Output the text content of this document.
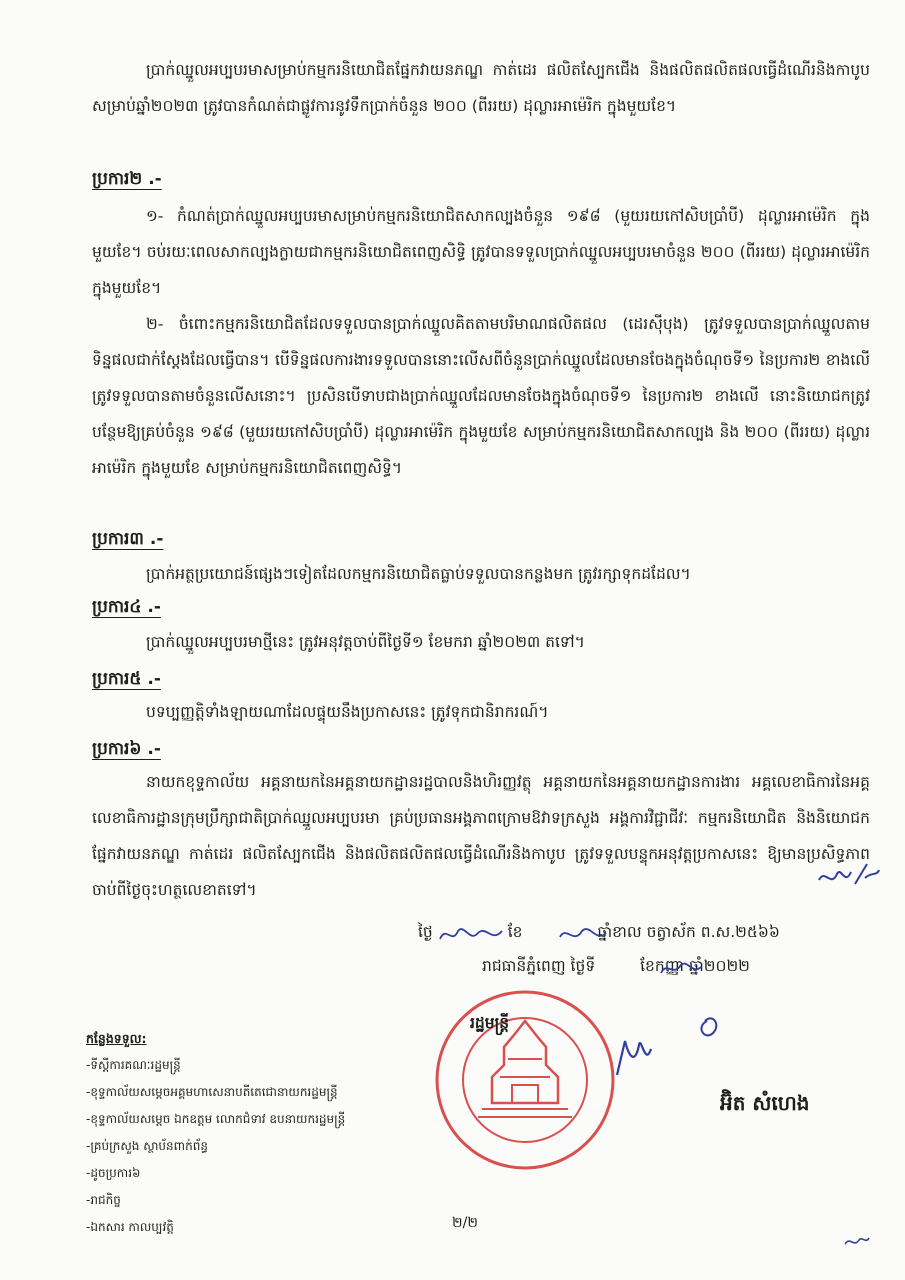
ប្រាក់ឈ្នួលអប្បបរមាសម្រាប់កម្មករនិយោជិតផ្នែកវាយនភណ្ឌ កាត់ដេរ ផលិតស្បែកជើង និងផលិតផលិតផលធ្វើដំណើរនិងកាបូប សម្រាប់ឆ្នាំ២០២៣ ត្រូវបានកំណត់ជាផ្លូវការនូវទឹកប្រាក់ចំនួន ២០០ (ពីររយ) ដុល្លារអាម៉េរិក ក្នុងមួយខែ។

ប្រការ២ .-

១- កំណត់ប្រាក់ឈ្នួលអប្បបរមាសម្រាប់កម្មករនិយោជិតសាកល្បងចំនួន ១៩៨ (មួយរយកៅសិបប្រាំបី) ដុល្លារអាម៉េរិក ក្នុងមួយខែ។ ចប់រយៈពេលសាកល្បងក្លាយជាកម្មករនិយោជិតពេញសិទ្ធិ ត្រូវបានទទួលប្រាក់ឈ្នួលអប្បបរមាចំនួន ២០០ (ពីររយ) ដុល្លារអាម៉េរិក ក្នុងមួយខែ។

២- ចំពោះកម្មករនិយោជិតដែលទទួលបានប្រាក់ឈ្នួលគិតតាមបរិមាណផលិតផល (ដេរស៊ីបុង) ត្រូវទទួលបានប្រាក់ឈ្នួលតាមទិន្នផលជាក់ស្តែងដែលធ្វើបាន។ បើទិន្នផលការងារទទួលបាននោះលើសពីចំនួនប្រាក់ឈ្នួលដែលមានចែងក្នុងចំណុចទី១ នៃប្រការ២ ខាងលើ ត្រូវទទួលបានតាមចំនួនលើសនោះ។ ប្រសិនបើទាបជាងប្រាក់ឈ្នួលដែលមានចែងក្នុងចំណុចទី១ នៃប្រការ២ ខាងលើ នោះនិយោជកត្រូវបន្ថែមឱ្យគ្រប់ចំនួន ១៩៨ (មួយរយកៅសិបប្រាំបី) ដុល្លារអាម៉េរិក ក្នុងមួយខែ សម្រាប់កម្មករនិយោជិតសាកល្បង និង ២០០ (ពីររយ) ដុល្លារអាម៉េរិក ក្នុងមួយខែ សម្រាប់កម្មករនិយោជិតពេញសិទ្ធិ។

ប្រការ៣ .-

ប្រាក់អត្ថប្រយោជន៍ផ្សេងៗទៀតដែលកម្មករនិយោជិតធ្លាប់ទទួលបានកន្លងមក ត្រូវរក្សាទុកដដែល។

ប្រការ៤ .-

ប្រាក់ឈ្នួលអប្បបរមាថ្មីនេះ ត្រូវអនុវត្តចាប់ពីថ្ងៃទី១ ខែមករា ឆ្នាំ២០២៣ តទៅ។

ប្រការ៥ .-

បទប្បញ្ញត្តិទាំងឡាយណាដែលផ្ទុយនឹងប្រកាសនេះ ត្រូវទុកជានិរាករណ៍។

ប្រការ៦ .-

នាយកខុទ្ទកាល័យ អគ្គនាយកនៃអគ្គនាយកដ្ឋានរដ្ឋបាលនិងហិរញ្ញវត្ថុ អគ្គនាយកនៃអគ្គនាយកដ្ឋានការងារ អគ្គលេខាធិការនៃអគ្គលេខាធិការដ្ឋានក្រុមប្រឹក្សាជាតិប្រាក់ឈ្នួលអប្បបរមា គ្រប់ប្រធានអង្គភាពក្រោមឱវាទក្រសួង អង្គការវិជ្ជាជីវៈ កម្មករនិយោជិត និងនិយោជកផ្នែកវាយនភណ្ឌ កាត់ដេរ ផលិតស្បែកជើង និងផលិតផលិតផលធ្វើដំណើរនិងកាបូប ត្រូវទទួលបន្ទុកអនុវត្តប្រកាសនេះ ឱ្យមានប្រសិទ្ធភាព ចាប់ពីថ្ងៃចុះហត្ថលេខាតទៅ។

ថ្ងៃ	ខែ	ឆ្នាំខាល ចត្វាស័ក ព.ស.២៥៦៦
រាជធានីភ្នំពេញ ថ្ងៃទី	ខែកញ្ញា ឆ្នាំ២០២២
រដ្ឋមន្ត្រី
អ៊ិត សំហេង
កន្លែងទទួល:
- ទីស្តីការគណៈរដ្ឋមន្ត្រី
- ខុទ្ទកាល័យសម្តេចអគ្គមហាសេនាបតីតេជោនាយករដ្ឋមន្ត្រី
- ខុទ្ទកាល័យសម្តេច ឯកឧត្តម លោកជំទាវ ឧបនាយករដ្ឋមន្ត្រី
- គ្រប់ក្រសួង ស្ថាប័នពាក់ព័ន្ធ
- ដូចប្រការ៦
- រាជកិច្ច
- ឯកសារ កាលប្បវត្តិ	២/២
